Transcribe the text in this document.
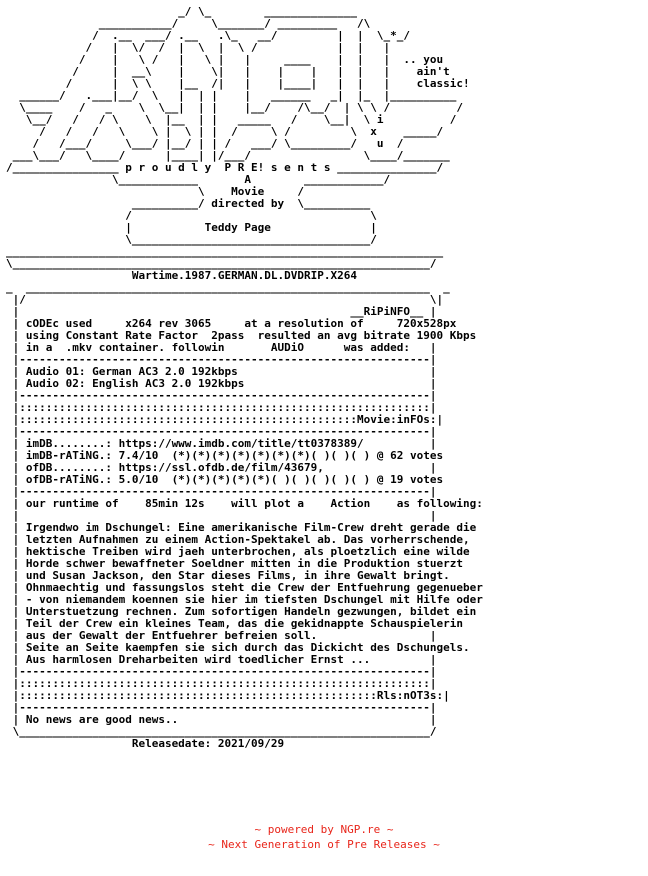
_/ \_        ______________
___________/     \_______/ _________   /\
/  .__  ___/ .__   .\_   __/         |  |  \_*_/
/   |  \/  /  |  \  |  \ /            |  |   |
/    |   \ /   |   \ |   |     ____    |  |   |  .. you
/     |  __\    |    \|   |    |    |   |  |   |    ain't
/      |  \ \    |__  /|   |    |____|   |  |   |    classic!
______/   .___|__/  \   |  | |    |   ______   _|  |_  |__________
\____    /   _    \  \__|  | |    |__/    /\__/  | \ \ /          /
\__/   /   / \    \  |__  | |   _____   /    \__|  \ i          /
/   /   /   \    \ |  \ | |  /     \ /         \  x    _____/
/   /___/     \___/ |__/ | | /   ___/ \_________/   u  /
___\___/   \____/      |____| |/___/                 \____/_______
/________________ p r o u d l y  P R E! s e n t s _______________/
\____________       A        ____________/
\    Movie     /
__________/ directed by  \__________
/                                    \
|           Teddy Page               |
\____________________________________/
__________________________________________________________________
\_______________________________________________________________/
Wartime.1987.GERMAN.DL.DVDRIP.X264
_  _____________________________________________________________  _
|/                                                             \|
|                                                  __RiPiNFO__ |
| cODEc used     x264 rev 3065     at a resolution of     720x528px
| using Constant Rate Factor  2pass  resulted an avg bitrate 1900 Kbps
| in a  .mkv container. followin       AUDiO      was added:   |
|--------------------------------------------------------------|
| Audio 01: German AC3 2.0 192kbps                             |
| Audio 02: English AC3 2.0 192kbps                            |
|--------------------------------------------------------------|
|::::::::::::::::::::::::::::::::::::::::::::::::::::::::::::::|
|:::::::::::::::::::::::::::::::::::::::::::::::::::Movie:inFOs:|
|--------------------------------------------------------------|
| imDB........: https://www.imdb.com/title/tt0378389/          |
| imDB-rATiNG.: 7.4/10  (*)(*)(*)(*)(*)(*)(*)( )( )( ) @ 62 votes
| ofDB........: https://ssl.ofdb.de/film/43679,                |
| ofDB-rATiNG.: 5.0/10  (*)(*)(*)(*)(*)( )( )( )( )( ) @ 19 votes
|--------------------------------------------------------------|
| our runtime of    85min 12s    will plot a    Action    as following:
|                                                              |
| Irgendwo im Dschungel: Eine amerikanische Film-Crew dreht gerade die
| letzten Aufnahmen zu einem Action-Spektakel ab. Das vorherrschende,
| hektische Treiben wird jaeh unterbrochen, als ploetzlich eine wilde
| Horde schwer bewaffneter Soeldner mitten in die Produktion stuerzt
| und Susan Jackson, den Star dieses Films, in ihre Gewalt bringt.
| Ohnmaechtig und fassungslos steht die Crew der Entfuehrung gegenueber
| - von niemandem koennen sie hier im tiefsten Dschungel mit Hilfe oder
| Unterstuetzung rechnen. Zum sofortigen Handeln gezwungen, bildet ein
| Teil der Crew ein kleines Team, das die gekidnappte Schauspielerin
| aus der Gewalt der Entfuehrer befreien soll.                 |
| Seite an Seite kaempfen sie sich durch das Dickicht des Dschungels.
| Aus harmlosen Dreharbeiten wird toedlicher Ernst ...         |
|--------------------------------------------------------------|
|::::::::::::::::::::::::::::::::::::::::::::::::::::::::::::::|
|::::::::::::::::::::::::::::::::::::::::::::::::::::::Rls:nOT3s:|
|--------------------------------------------------------------|
| No news are good news..                                      |
\______________________________________________________________/
Releasedate: 2021/09/29
~ powered by NGP.re ~
~ Next Generation of Pre Releases ~
